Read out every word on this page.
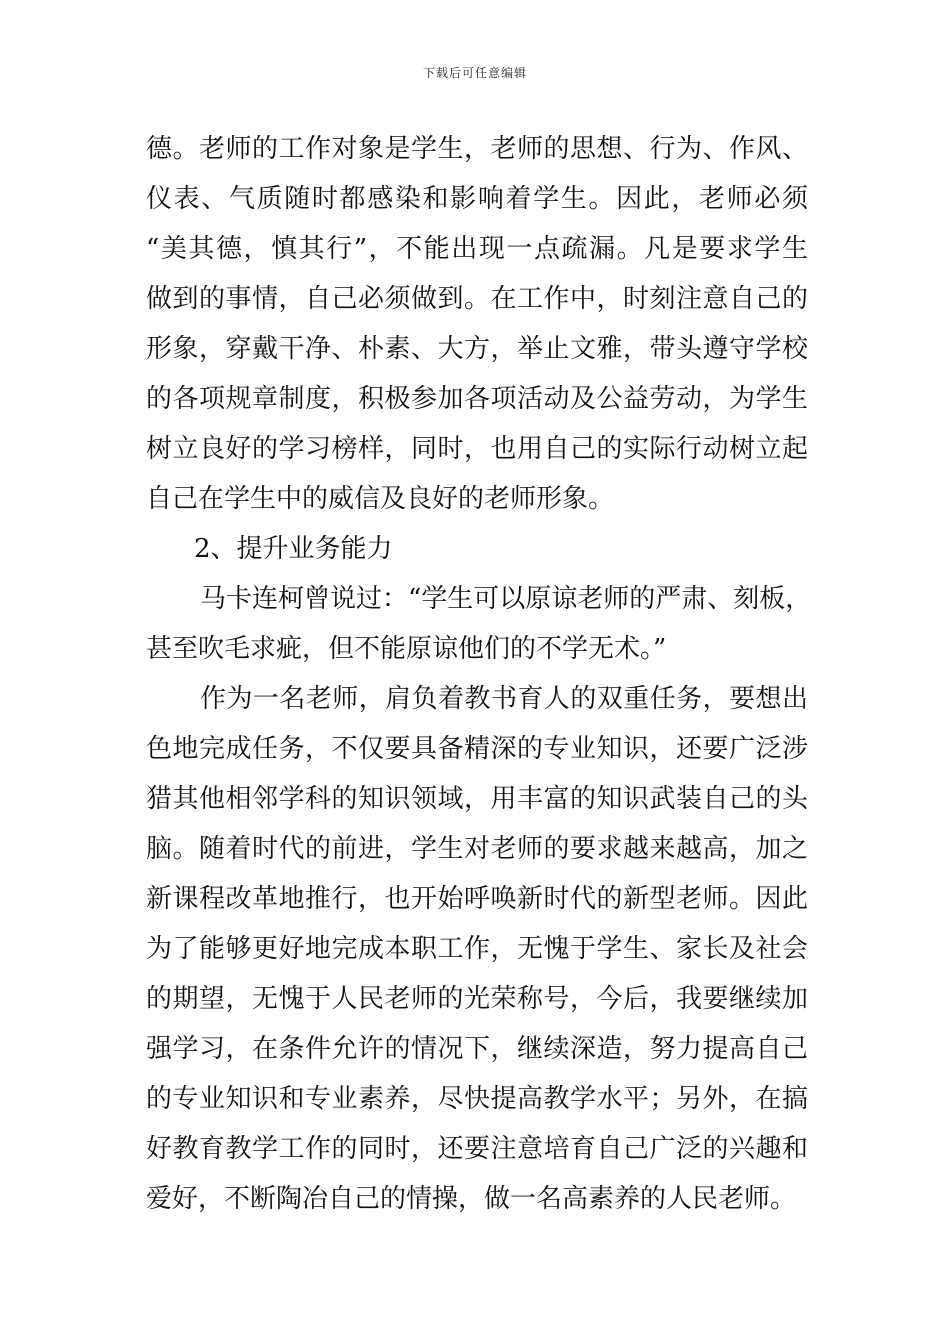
下载后可任意编辑
德。老师的工作对象是学生，老师的思想、行为、作风、
仪表、气质随时都感染和影响着学生。因此，老师必须
“美其德，慎其行”，不能出现一点疏漏。凡是要求学生
做到的事情，自己必须做到。在工作中，时刻注意自己的
形象，穿戴干净、朴素、大方，举止文雅，带头遵守学校
的各项规章制度，积极参加各项活动及公益劳动，为学生
树立良好的学习榜样，同时，也用自己的实际行动树立起
自己在学生中的威信及良好的老师形象。
2、提升业务能力
马卡连柯曾说过：“学生可以原谅老师的严肃、刻板，
甚至吹毛求疵，但不能原谅他们的不学无术。”
作为一名老师，肩负着教书育人的双重任务，要想出
色地完成任务，不仅要具备精深的专业知识，还要广泛涉
猎其他相邻学科的知识领域，用丰富的知识武装自己的头
脑。随着时代的前进，学生对老师的要求越来越高，加之
新课程改革地推行，也开始呼唤新时代的新型老师。因此
为了能够更好地完成本职工作，无愧于学生、家长及社会
的期望，无愧于人民老师的光荣称号，今后，我要继续加
强学习，在条件允许的情况下，继续深造，努力提高自己
的专业知识和专业素养，尽快提高教学水平；另外，在搞
好教育教学工作的同时，还要注意培育自己广泛的兴趣和
爱好，不断陶冶自己的情操，做一名高素养的人民老师。
